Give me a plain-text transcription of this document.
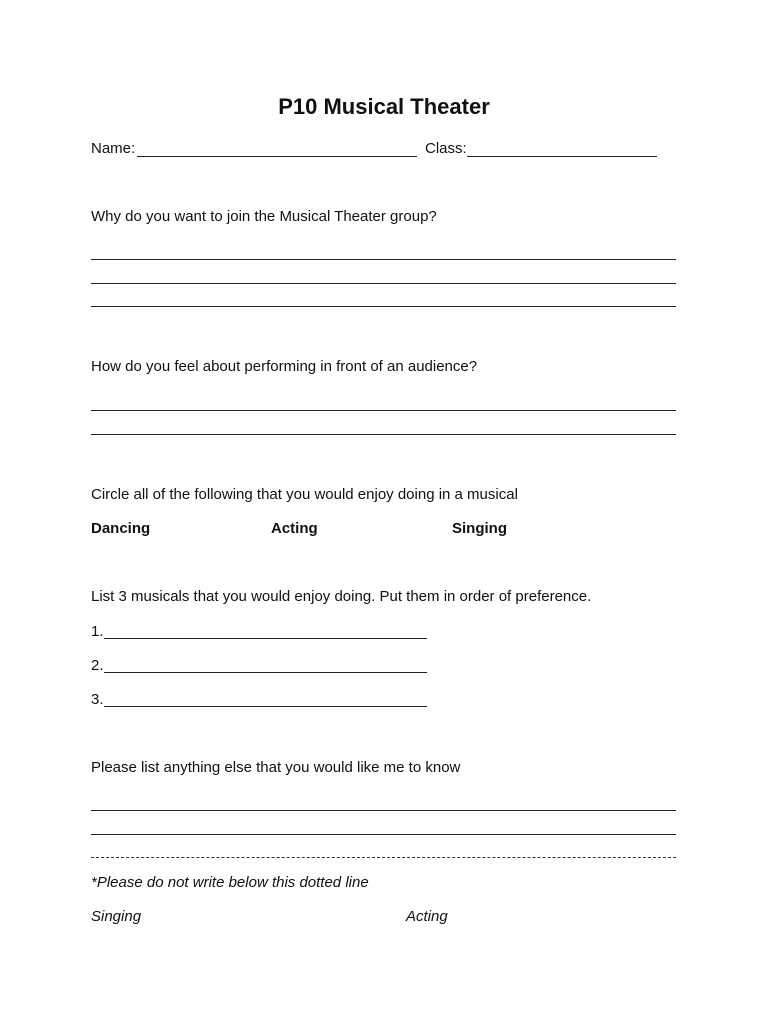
P10 Musical Theater
Name:	Class:
Why do you want to join the Musical Theater group?
How do you feel about performing in front of an audience?
Circle all of the following that you would enjoy doing in a musical
Dancing	Acting	Singing
List 3 musicals that you would enjoy doing. Put them in order of preference.
1.
2.
3.
Please list anything else that you would like me to know
*Please do not write below this dotted line
Singing	Acting
